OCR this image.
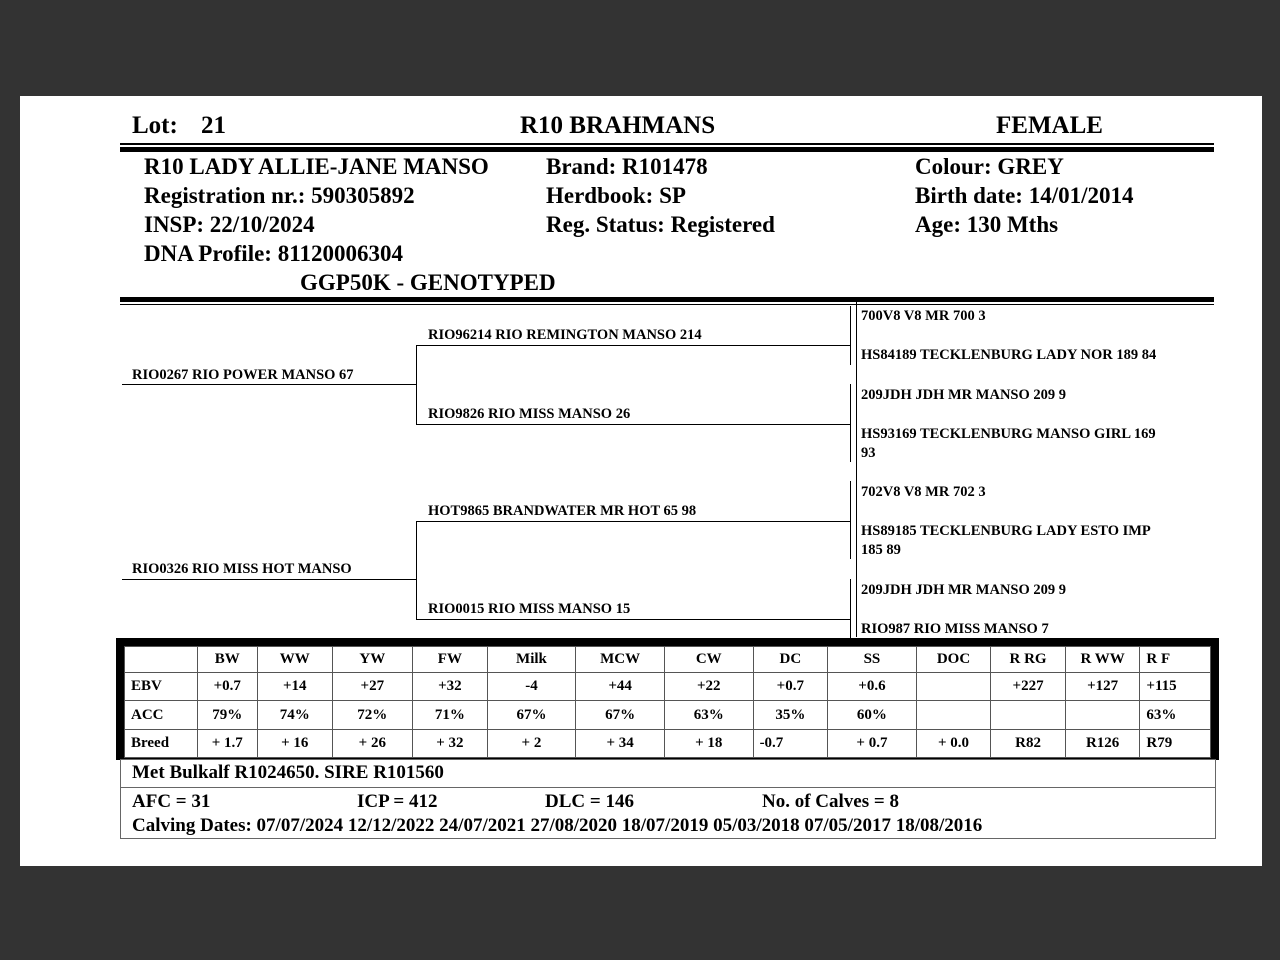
Lot: 21	R10 BRAHMANS	FEMALE
R10 LADY ALLIE-JANE MANSO
Registration nr.: 590305892
INSP: 22/10/2024
DNA Profile: 81120006304
GGP50K - GENOTYPED
Brand: R101478
Herdbook: SP
Reg. Status: Registered
Colour: GREY
Birth date: 14/01/2014
Age: 130 Mths
RIO0267 RIO POWER MANSO 67
RIO0326 RIO MISS HOT MANSO
RIO96214 RIO REMINGTON MANSO 214
RIO9826 RIO MISS MANSO 26
HOT9865 BRANDWATER MR HOT 65 98
RIO0015 RIO MISS MANSO 15
700V8 V8 MR 700 3
HS84189 TECKLENBURG LADY NOR 189 84
209JDH JDH MR MANSO 209 9
HS93169 TECKLENBURG MANSO GIRL 169
93
702V8 V8 MR 702 3
HS89185 TECKLENBURG LADY ESTO IMP
185 89
209JDH JDH MR MANSO 209 9
RIO987 RIO MISS MANSO 7
	BW	WW	YW	FW	Milk	MCW	CW	DC	SS	DOC	R RG	R WW	R F
EBV	+0.7	+14	+27	+32	-4	+44	+22	+0.7	+0.6		+227	+127	+115
ACC	79%	74%	72%	71%	67%	67%	63%	35%	60%				63%
Breed	+ 1.7	+ 16	+ 26	+ 32	+ 2	+ 34	+ 18	-0.7	+ 0.7	+ 0.0	R82	R126	R79
Met Bulkalf R1024650. SIRE R101560
AFC = 31	ICP = 412	DLC = 146	No. of Calves = 8
Calving Dates: 07/07/2024 12/12/2022 24/07/2021 27/08/2020 18/07/2019 05/03/2018 07/05/2017 18/08/2016
